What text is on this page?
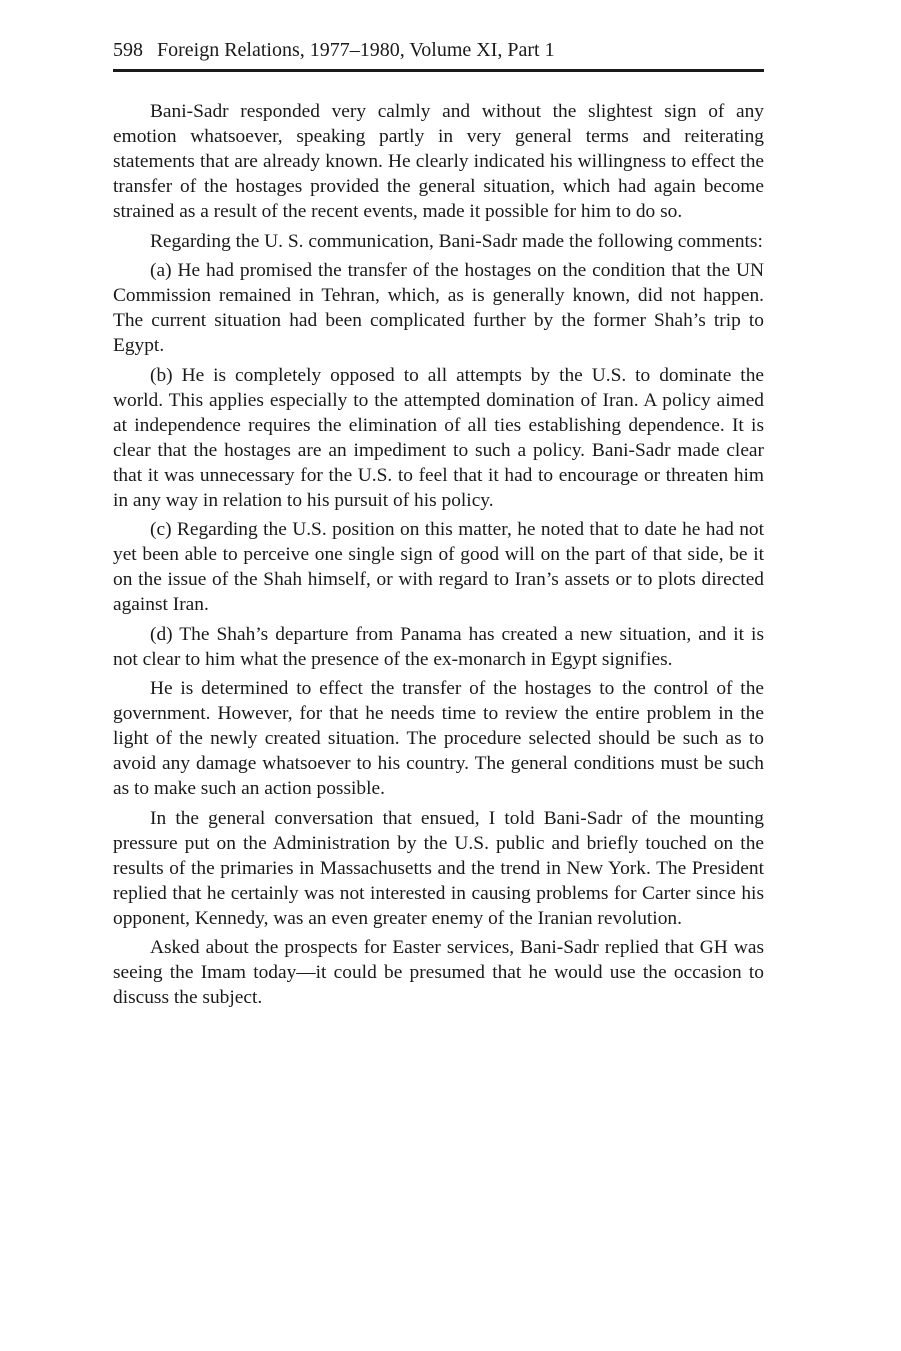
598 Foreign Relations, 1977–1980, Volume XI, Part 1

Bani-Sadr responded very calmly and without the slightest sign of any emotion whatsoever, speaking partly in very general terms and reiterating statements that are already known. He clearly indicated his willingness to effect the transfer of the hostages provided the general situation, which had again become strained as a result of the recent events, made it possible for him to do so.

Regarding the U. S. communication, Bani-Sadr made the following comments:

(a) He had promised the transfer of the hostages on the condition that the UN Commission remained in Tehran, which, as is generally known, did not happen. The current situation had been complicated further by the former Shah’s trip to Egypt.

(b) He is completely opposed to all attempts by the U.S. to dominate the world. This applies especially to the attempted domination of Iran. A policy aimed at independence requires the elimination of all ties establishing dependence. It is clear that the hostages are an impediment to such a policy. Bani-Sadr made clear that it was unnecessary for the U.S. to feel that it had to encourage or threaten him in any way in relation to his pursuit of his policy.

(c) Regarding the U.S. position on this matter, he noted that to date he had not yet been able to perceive one single sign of good will on the part of that side, be it on the issue of the Shah himself, or with regard to Iran’s assets or to plots directed against Iran.

(d) The Shah’s departure from Panama has created a new situation, and it is not clear to him what the presence of the ex-monarch in Egypt signifies.

He is determined to effect the transfer of the hostages to the control of the government. However, for that he needs time to review the entire problem in the light of the newly created situation. The procedure selected should be such as to avoid any damage whatsoever to his country. The general conditions must be such as to make such an action possible.

In the general conversation that ensued, I told Bani-Sadr of the mounting pressure put on the Administration by the U.S. public and briefly touched on the results of the primaries in Massachusetts and the trend in New York. The President replied that he certainly was not interested in causing problems for Carter since his opponent, Kennedy, was an even greater enemy of the Iranian revolution.

Asked about the prospects for Easter services, Bani-Sadr replied that GH was seeing the Imam today—it could be presumed that he would use the occasion to discuss the subject.
